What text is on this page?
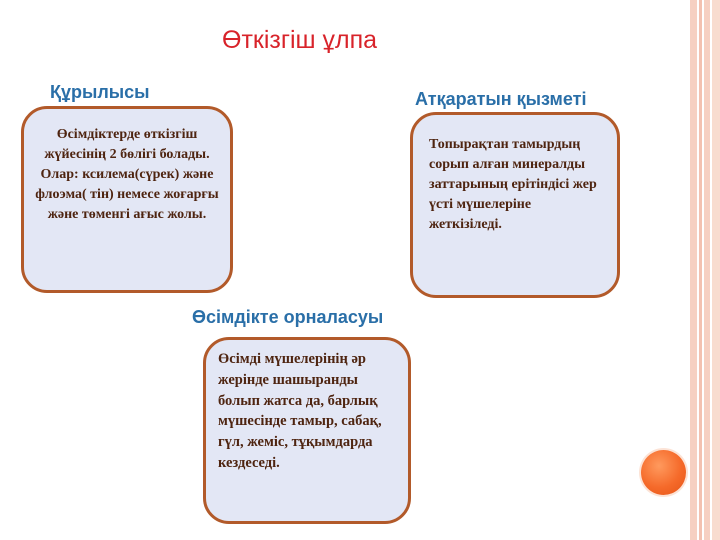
Өткізгіш ұлпа
Құрылысы
Өсімдіктерде өткізгіш жүйесінің 2 бөлігі болады. Олар: ксилема(сүрек) және флоэма( тін) немесе жоғарғы және төменгі ағыс жолы.
Атқаратын қызметі
Топырақтан тамырдың сорып алған минералды заттарының ерітіндісі жер үсті мүшелеріне жеткізіледі.
Өсімдікте орналасуы
Өсімді мүшелерінің әр жерінде шашыранды болып жатса да, барлық мүшесінде тамыр, сабақ, гүл, жеміс, тұқымдарда кездеседі.
